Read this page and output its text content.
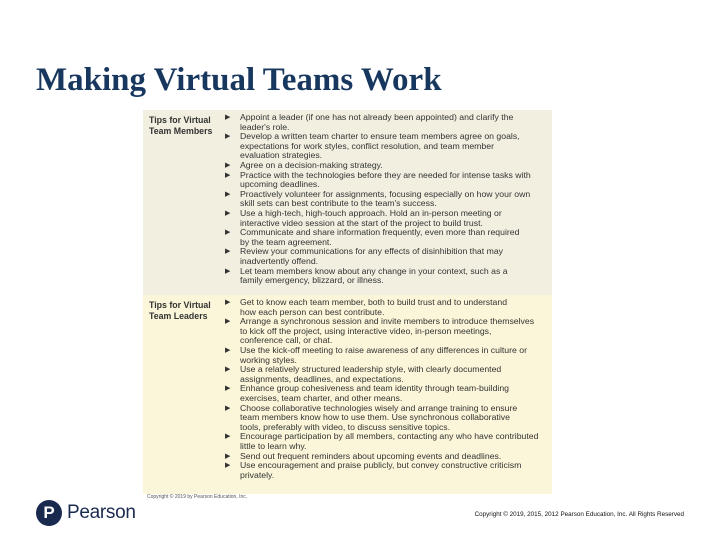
Making Virtual Teams Work
Tips for Virtual
Team Members
▶ Appoint a leader (if one has not already been appointed) and clarify the
leader's role.
▶ Develop a written team charter to ensure team members agree on goals,
expectations for work styles, conflict resolution, and team member
evaluation strategies.
▶ Agree on a decision-making strategy.
▶ Practice with the technologies before they are needed for intense tasks with
upcoming deadlines.
▶ Proactively volunteer for assignments, focusing especially on how your own
skill sets can best contribute to the team's success.
▶ Use a high-tech, high-touch approach. Hold an in-person meeting or
interactive video session at the start of the project to build trust.
▶ Communicate and share information frequently, even more than required
by the team agreement.
▶ Review your communications for any effects of disinhibition that may
inadvertently offend.
▶ Let team members know about any change in your context, such as a
family emergency, blizzard, or illness.
Tips for Virtual
Team Leaders
▶ Get to know each team member, both to build trust and to understand
how each person can best contribute.
▶ Arrange a synchronous session and invite members to introduce themselves
to kick off the project, using interactive video, in-person meetings,
conference call, or chat.
▶ Use the kick-off meeting to raise awareness of any differences in culture or
working styles.
▶ Use a relatively structured leadership style, with clearly documented
assignments, deadlines, and expectations.
▶ Enhance group cohesiveness and team identity through team-building
exercises, team charter, and other means.
▶ Choose collaborative technologies wisely and arrange training to ensure
team members know how to use them. Use synchronous collaborative
tools, preferably with video, to discuss sensitive topics.
▶ Encourage participation by all members, contacting any who have contributed
little to learn why.
▶ Send out frequent reminders about upcoming events and deadlines.
▶ Use encouragement and praise publicly, but convey constructive criticism
privately.
Copyright © 2019 by Pearson Education, Inc.
P Pearson	Copyright © 2019, 2015, 2012 Pearson Education, Inc. All Rights Reserved
